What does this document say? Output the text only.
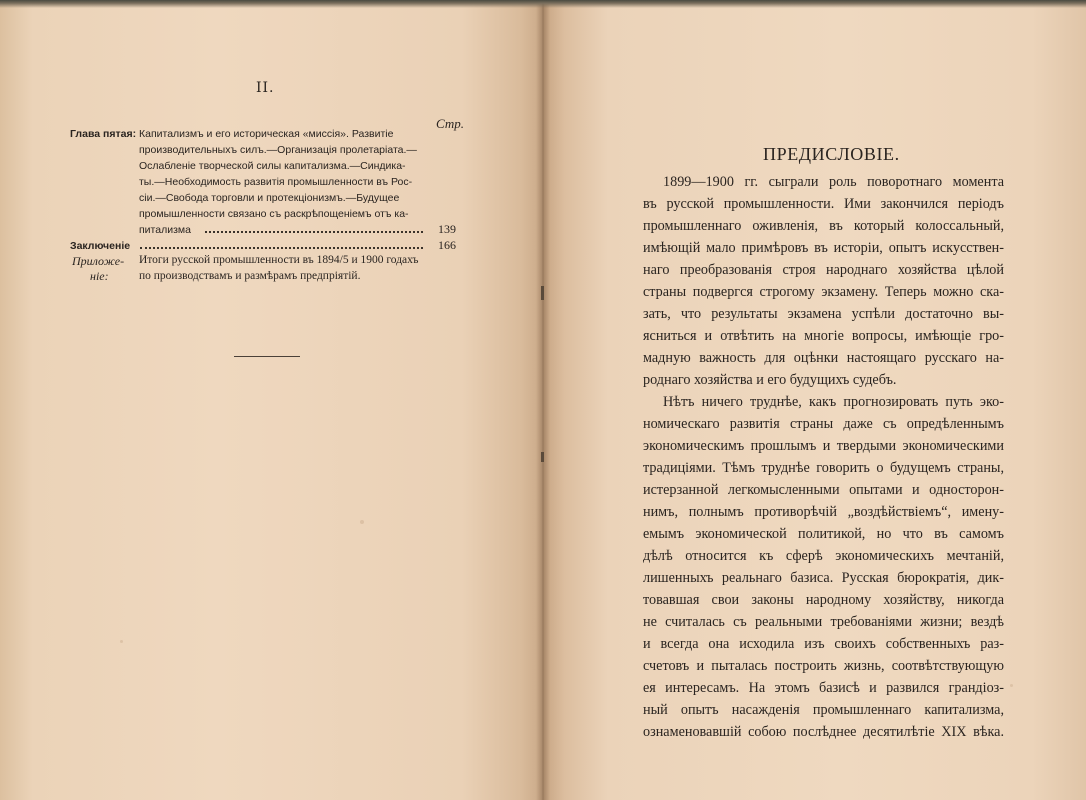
II.
Стр.
Глава пятая: Капитализмъ и его историческая «миссія». Развитіе
производительныхъ силъ.—Организація пролетаріата.—
Ослабленіе творческой силы капитализма.—Синдика-
ты.—Необходимость развитія промышленности въ Рос-
сіи.—Свобода торговли и протекціонизмъ.—Будущее
промышленности связано съ раскрѣпощеніемъ отъ ка-
питализма	139
Заключеніе	166
Приложе-
ніе:
Итоги русской промышленности въ 1894/5 и 1900 годахъ
по производствамъ и размѣрамъ предпріятій.
ПРЕДИСЛОВІЕ.
1899—1900 гг. сыграли роль поворотнаго момента
въ русской промышленности. Ими закончился періодъ
промышленнаго оживленія, въ который колоссальный,
имѣющій мало примѣровъ въ исторіи, опытъ искусствен-
наго преобразованія строя народнаго хозяйства цѣлой
страны подвергся строгому экзамену. Теперь можно ска-
зать, что результаты экзамена успѣли достаточно вы-
ясниться и отвѣтить на многіе вопросы, имѣющіе гро-
мадную важность для оцѣнки настоящаго русскаго на-
роднаго хозяйства и его будущихъ судебъ.
Нѣтъ ничего труднѣе, какъ прогнозировать путь эко-
номическаго развитія страны даже съ опредѣленнымъ
экономическимъ прошлымъ и твердыми экономическими
традиціями. Тѣмъ труднѣе говорить о будущемъ страны,
истерзанной легкомысленными опытами и односторон-
нимъ, полнымъ противорѣчій „воздѣйствіемъ“, имену-
емымъ экономической политикой, но что въ самомъ
дѣлѣ относится къ сферѣ экономическихъ мечтаній,
лишенныхъ реальнаго базиса. Русская бюрократія, дик-
товавшая свои законы народному хозяйству, никогда
не считалась съ реальными требованіями жизни; вездѣ
и всегда она исходила изъ своихъ собственныхъ раз-
счетовъ и пыталась построить жизнь, соотвѣтствующую
ея интересамъ. На этомъ базисѣ и развился грандіоз-
ный опытъ насажденія промышленнаго капитализма,
ознаменовавшій собою послѣднее десятилѣтіе XIX вѣка.
